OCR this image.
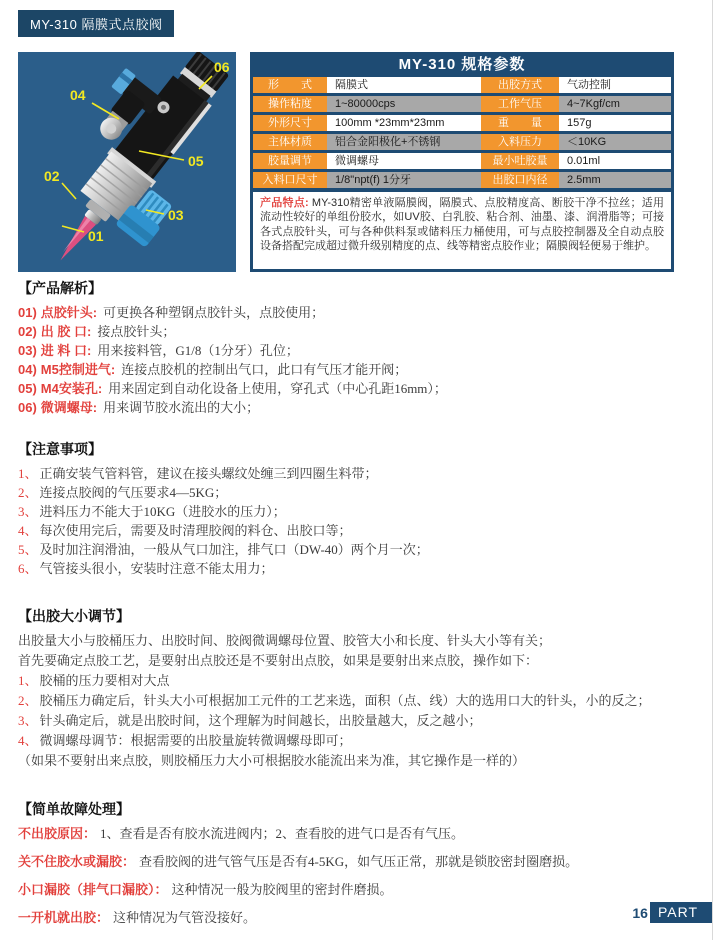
MY-310 隔膜式点胶阀
01
02
03
04
05
06	MY-310 规格参数
形　　式	隔膜式	出胶方式	气动控制
操作粘度	1~80000cps	工作气压	4~7Kgf/cm
外形尺寸	100mm *23mm*23mm	重　　量	157g
主体材质	铝合金阳极化+不锈钢	入料压力	＜10KG
胶量调节	微调螺母	最小吐胶量	0.01ml
入料口尺寸	1/8"npt(f) 1分牙	出胶口内径	2.5mm
产品特点: MY-310精密单液隔膜阀，隔膜式、点胶精度高、断胶干净不拉丝；适用流动性较好的单组份胶水，如UV胶、白乳胶、粘合剂、油墨、漆、润滑脂等；可接各式点胶针头，可与各种供料泵或储料压力桶使用，可与点胶控制器及全自动点胶设备搭配完成超过微升级别精度的点、线等精密点胶作业；隔膜阀轻便易于维护。
【产品解析】
01) 点胶针头: 可更换各种塑钢点胶针头，点胶使用；
02) 出 胶 口: 接点胶针头；
03) 进 料 口: 用来接料管，G1/8（1分牙）孔位；
04) M5控制进气: 连接点胶机的控制出气口，此口有气压才能开阀；
05) M4安装孔: 用来固定到自动化设备上使用，穿孔式（中心孔距16mm）；
06) 微调螺母: 用来调节胶水流出的大小；
【注意事项】
1、 正确安装气管料管，建议在接头螺纹处缠三到四圈生料带；
2、 连接点胶阀的气压要求4—5KG；
3、 进料压力不能大于10KG（进胶水的压力）；
4、 每次使用完后，需要及时清理胶阀的料仓、出胶口等；
5、 及时加注润滑油，一般从气口加注，排气口（DW-40）两个月一次；
6、 气管接头很小，安装时注意不能太用力；
【出胶大小调节】
出胶量大小与胶桶压力、出胶时间、胶阀微调螺母位置、胶管大小和长度、针头大小等有关；
首先要确定点胶工艺，是要射出点胶还是不要射出点胶，如果是要射出来点胶，操作如下：
1、 胶桶的压力要相对大点
2、 胶桶压力确定后，针头大小可根据加工元件的工艺来选，面积（点、线）大的选用口大的针头，小的反之；
3、 针头确定后，就是出胶时间，这个理解为时间越长，出胶量越大，反之越小；
4、 微调螺母调节：根据需要的出胶量旋转微调螺母即可；
（如果不要射出来点胶，则胶桶压力大小可根据胶水能流出来为准，其它操作是一样的）
【简单故障处理】
不出胶原因： 1、查看是否有胶水流进阀内；2、查看胶的进气口是否有气压。
关不住胶水或漏胶： 查看胶阀的进气管气压是否有4-5KG，如气压正常，那就是锁胶密封圈磨损。
小口漏胶（排气口漏胶）： 这种情况一般为胶阀里的密封件磨损。
一开机就出胶： 这种情况为气管没接好。	16 PART
